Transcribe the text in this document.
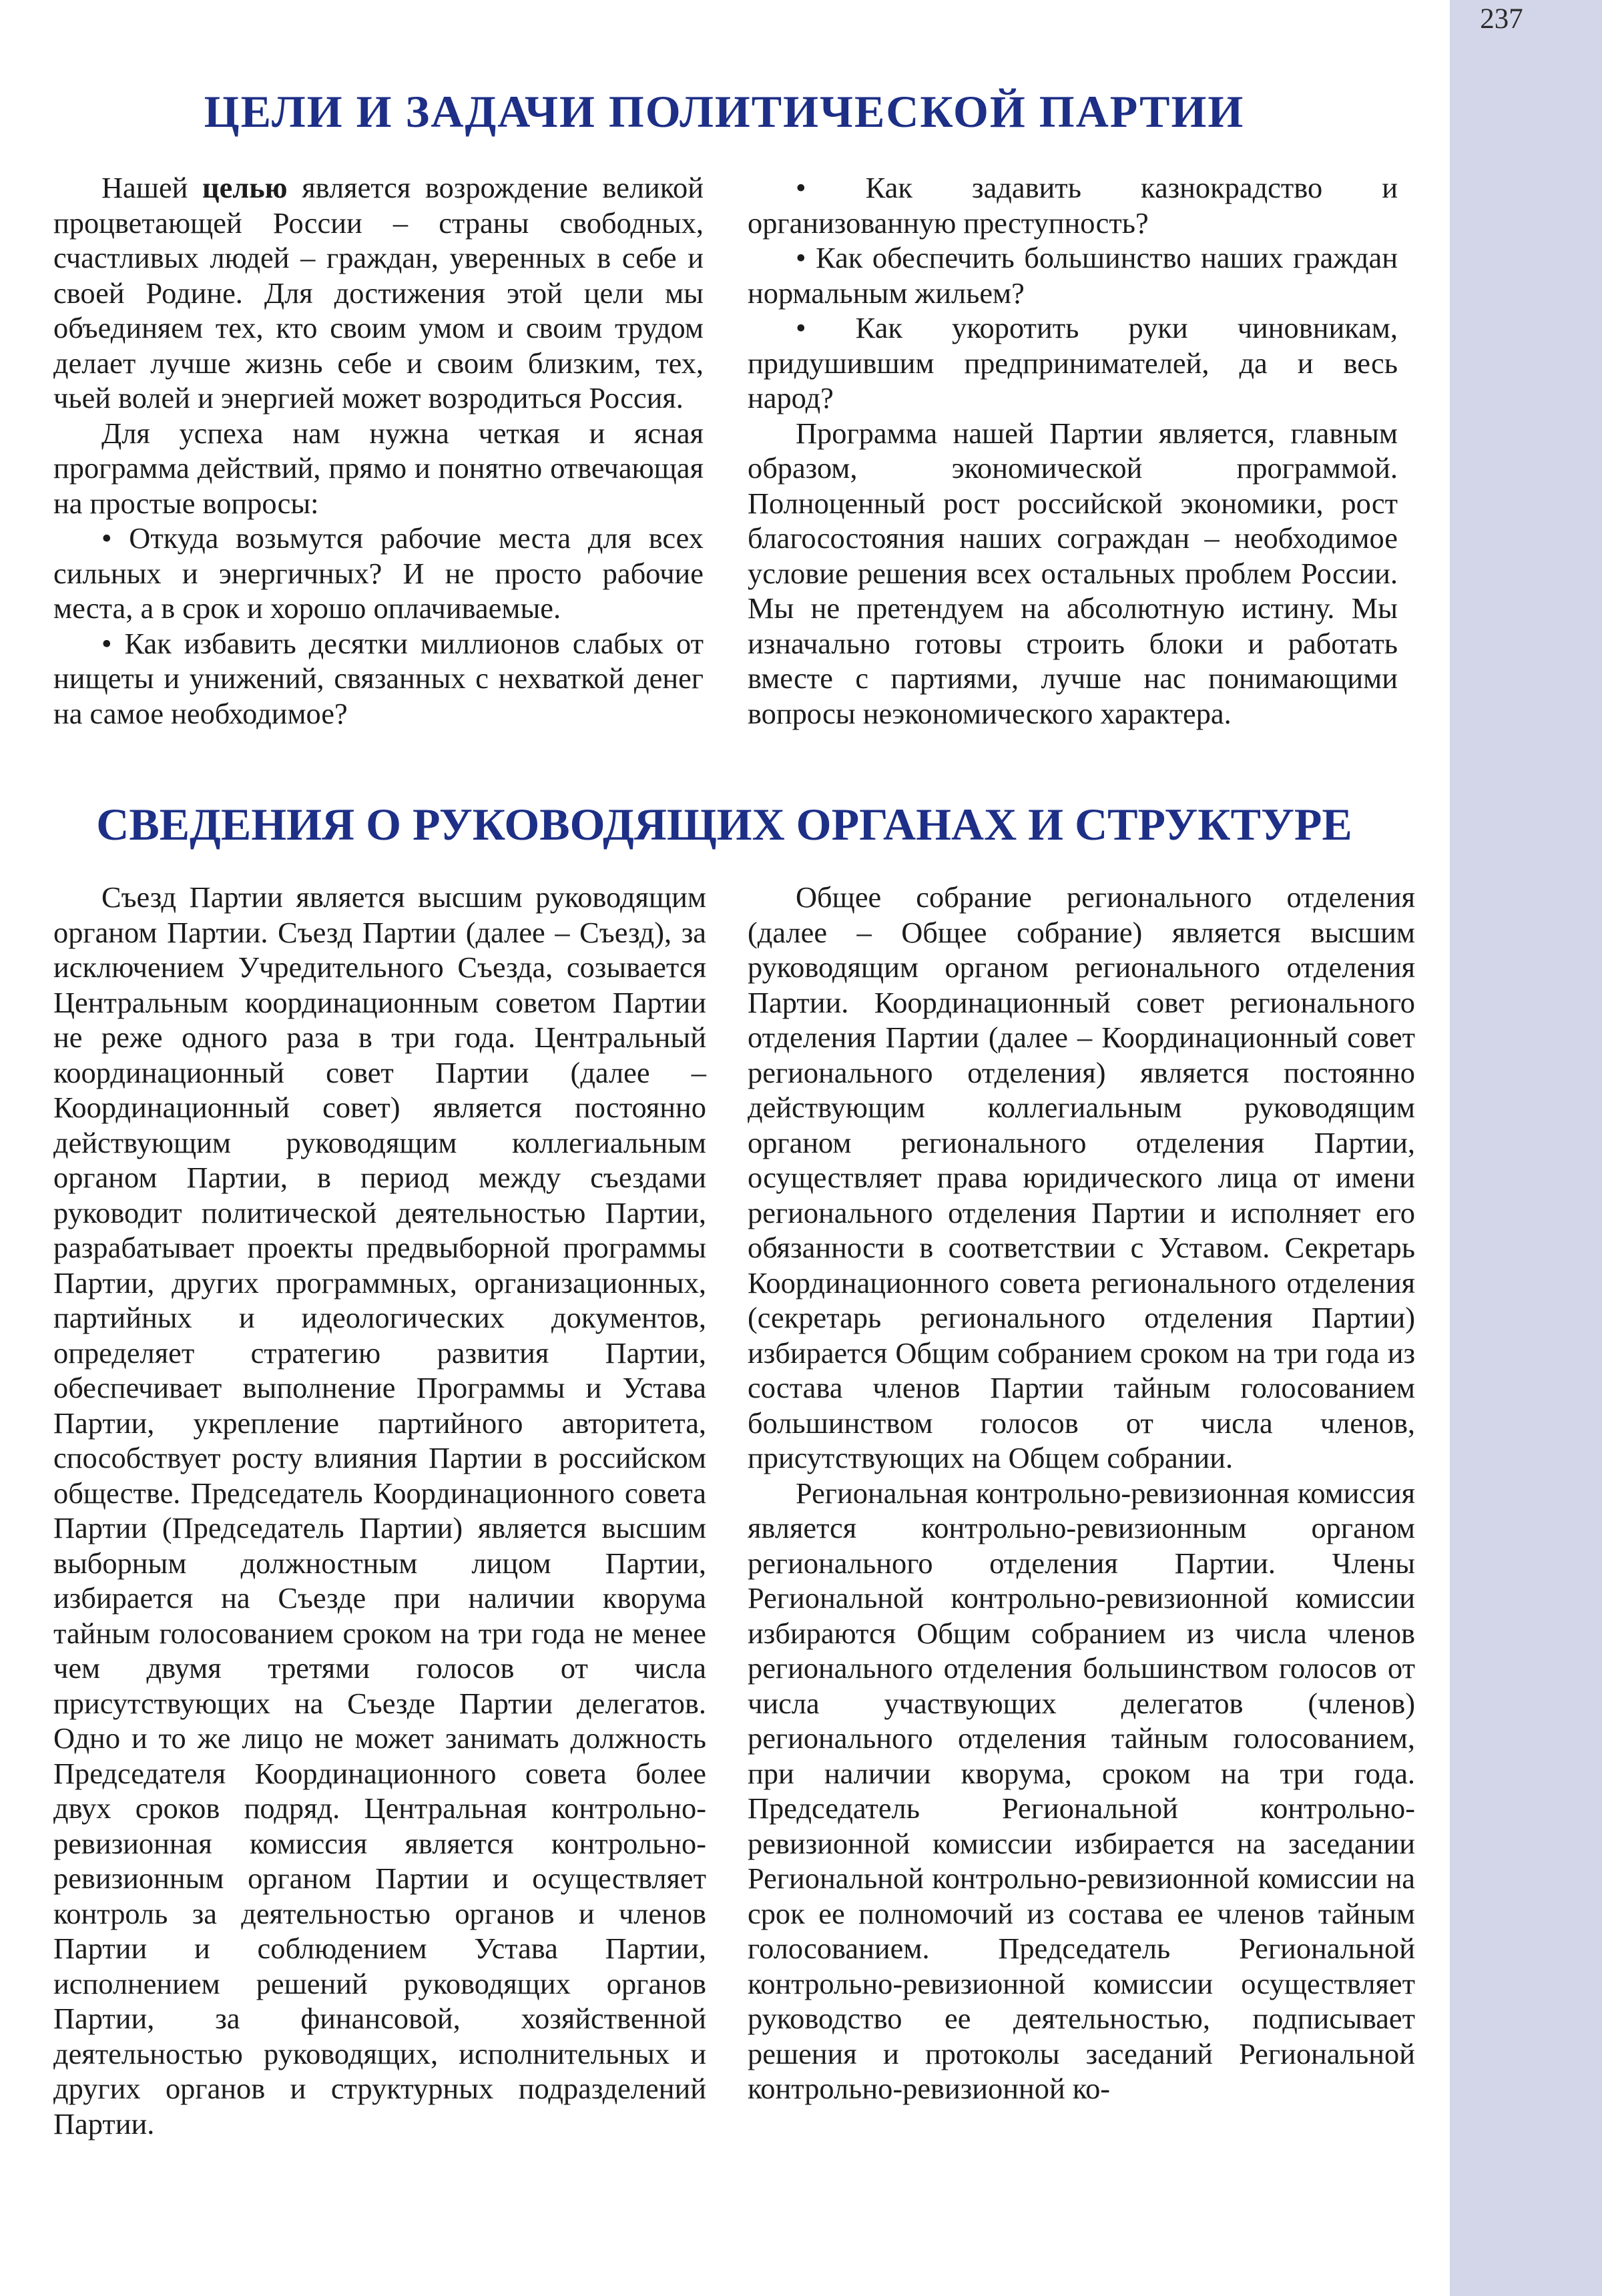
237
ЦЕЛИ И ЗАДАЧИ ПОЛИТИЧЕСКОЙ ПАРТИИ

Нашей целью является возрождение великой процветающей России – страны свободных, счастливых людей – граждан, уверенных в себе и своей Родине. Для достижения этой цели мы объединяем тех, кто своим умом и своим трудом делает лучше жизнь себе и своим близким, тех, чьей волей и энергией может возродиться Россия.

Для успеха нам нужна четкая и ясная программа действий, прямо и понятно отвечающая на простые вопросы:

• Откуда возьмутся рабочие места для всех сильных и энергичных? И не просто рабочие места, а в срок и хорошо оплачиваемые.

• Как избавить десятки миллионов слабых от нищеты и унижений, связанных с нехваткой денег на самое необходимое?

• Как задавить казнокрадство и организованную преступность?

• Как обеспечить большинство наших граждан нормальным жильем?

• Как укоротить руки чиновникам, придушившим предпринимателей, да и весь народ?

Программа нашей Партии является, главным образом, экономической программой. Полноценный рост российской экономики, рост благосостояния наших сограждан – необходимое условие решения всех остальных проблем России. Мы не претендуем на абсолютную истину. Мы изначально готовы строить блоки и работать вместе с партиями, лучше нас понимающими вопросы неэкономического характера.

СВЕДЕНИЯ О РУКОВОДЯЩИХ ОРГАНАХ И СТРУКТУРЕ

Съезд Партии является высшим руководящим органом Партии. Съезд Партии (далее – Съезд), за исключением Учредительного Съезда, созывается Центральным координационным советом Партии не реже одного раза в три года. Центральный координационный совет Партии (далее – Координационный совет) является постоянно действующим руководящим коллегиальным органом Партии, в период между съездами руководит политической деятельностью Партии, разрабатывает проекты предвыборной программы Партии, других программных, организационных, партийных и идеологических документов, определяет стратегию развития Партии, обеспечивает выполнение Программы и Устава Партии, укрепление партийного авторитета, способствует росту влияния Партии в российском обществе. Председатель Координационного совета Партии (Председатель Партии) является высшим выборным должностным лицом Партии, избирается на Съезде при наличии кворума тайным голосованием сроком на три года не менее чем двумя третями голосов от числа присутствующих на Съезде Партии делегатов. Одно и то же лицо не может занимать должность Председателя Координационного совета более двух сроков подряд. Центральная контрольно-ревизионная комиссия является контрольно-ревизионным органом Партии и осуществляет контроль за деятельностью органов и членов Партии и соблюдением Устава Партии, исполнением решений руководящих органов Партии, за финансовой, хозяйственной деятельностью руководящих, исполнительных и других органов и структурных подразделений Партии.

Общее собрание регионального отделения (далее – Общее собрание) является высшим руководящим органом регионального отделения Партии. Координационный совет регионального отделения Партии (далее – Координационный совет регионального отделения) является постоянно действующим коллегиальным руководящим органом регионального отделения Партии, осуществляет права юридического лица от имени регионального отделения Партии и исполняет его обязанности в соответствии с Уставом. Секретарь Координационного совета регионального отделения (секретарь регионального отделения Партии) избирается Общим собранием сроком на три года из состава членов Партии тайным голосованием большинством голосов от числа членов, присутствующих на Общем собрании.

Региональная контрольно-ревизионная комиссия является контрольно-ревизионным органом регионального отделения Партии. Члены Региональной контрольно-ревизионной комиссии избираются Общим собранием из числа членов регионального отделения большинством голосов от числа участвующих делегатов (членов) регионального отделения тайным голосованием, при наличии кворума, сроком на три года. Председатель Региональной контрольно-ревизионной комиссии избирается на заседании Региональной контрольно-ревизионной комиссии на срок ее полномочий из состава ее членов тайным голосованием. Председатель Региональной контрольно-ревизионной комиссии осуществляет руководство ее деятельностью, подписывает решения и протоколы заседаний Региональной контрольно-ревизионной ко-
